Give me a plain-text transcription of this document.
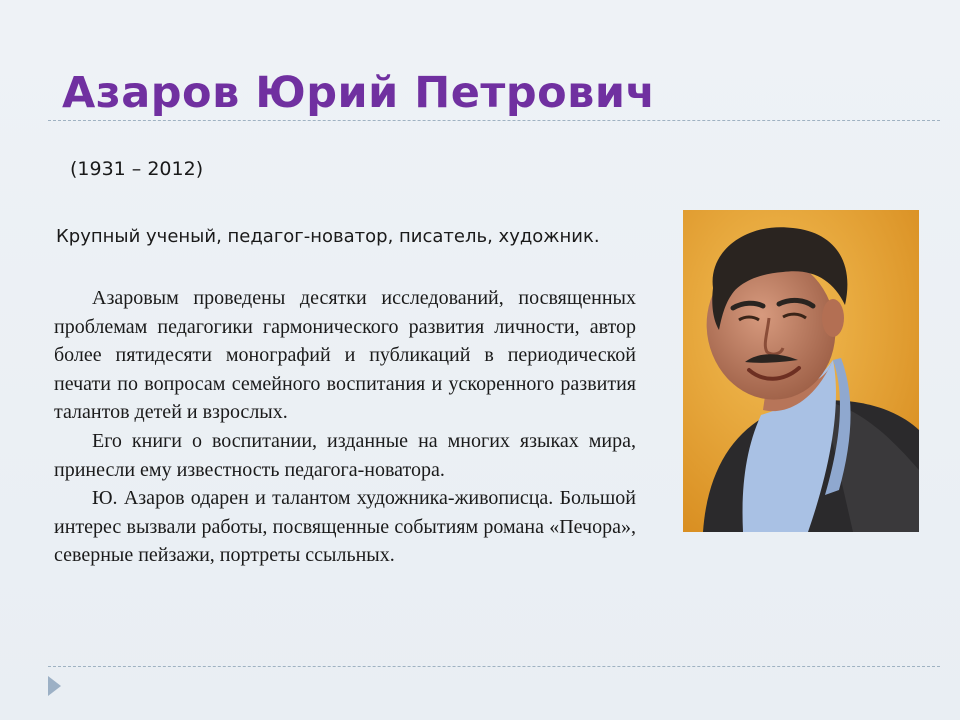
Азаров Юрий Петрович
(1931 – 2012)
Крупный ученый, педагог-новатор, писатель, художник.

Азаровым проведены десятки исследований, посвященных проблемам педагогики гармонического развития личности, автор более пятидесяти монографий и публикаций в периодической печати по вопросам семейного воспитания и ускоренного развития талантов детей и взрослых.

Его книги о воспитании, изданные на многих языках мира, принесли ему известность педагога-новатора.

Ю. Азаров одарен и талантом художника-живописца. Большой интерес вызвали работы, посвященные событиям романа «Печора», северные пейзажи, портреты ссыльных.
